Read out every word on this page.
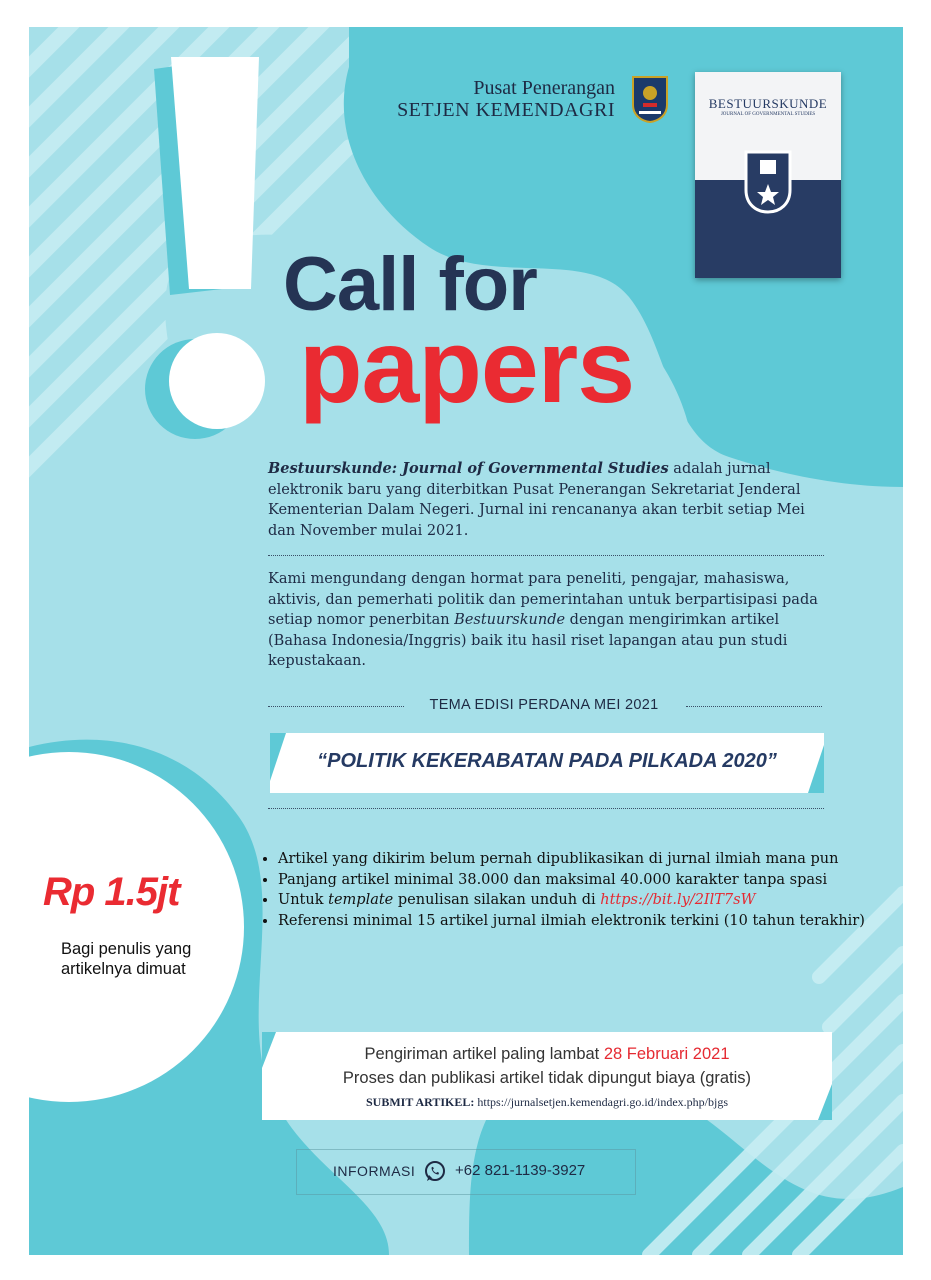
Pusat Penerangan
SETJEN KEMENDAGRI	BESTUURSKUNDE
JOURNAL OF GOVERNMENTAL STUDIES
Call for
papers
Bestuurskunde: Journal of Governmental Studies adalah jurnal elektronik baru yang diterbitkan Pusat Penerangan Sekretariat Jenderal Kementerian Dalam Negeri. Jurnal ini rencananya akan terbit setiap Mei dan November mulai 2021.
Kami mengundang dengan hormat para peneliti, pengajar, mahasiswa, aktivis, dan pemerhati politik dan pemerintahan untuk berpartisipasi pada setiap nomor penerbitan Bestuurskunde dengan mengirimkan artikel (Bahasa Indonesia/Inggris) baik itu hasil riset lapangan atau pun studi kepustakaan.
TEMA EDISI PERDANA MEI 2021
“POLITIK KEKERABATAN PADA PILKADA 2020”
Rp 1.5jt
Bagi penulis yang artikelnya dimuat
• Artikel yang dikirim belum pernah dipublikasikan di jurnal ilmiah mana pun
• Panjang artikel minimal 38.000 dan maksimal 40.000 karakter tanpa spasi
• Untuk template penulisan silakan unduh di https://bit.ly/2IlT7sW
• Referensi minimal 15 artikel jurnal ilmiah elektronik terkini (10 tahun terakhir)
Pengiriman artikel paling lambat 28 Februari 2021
Proses dan publikasi artikel tidak dipungut biaya (gratis)
SUBMIT ARTIKEL: https://jurnalsetjen.kemendagri.go.id/index.php/bjgs
INFORMASI	+62 821-1139-3927
